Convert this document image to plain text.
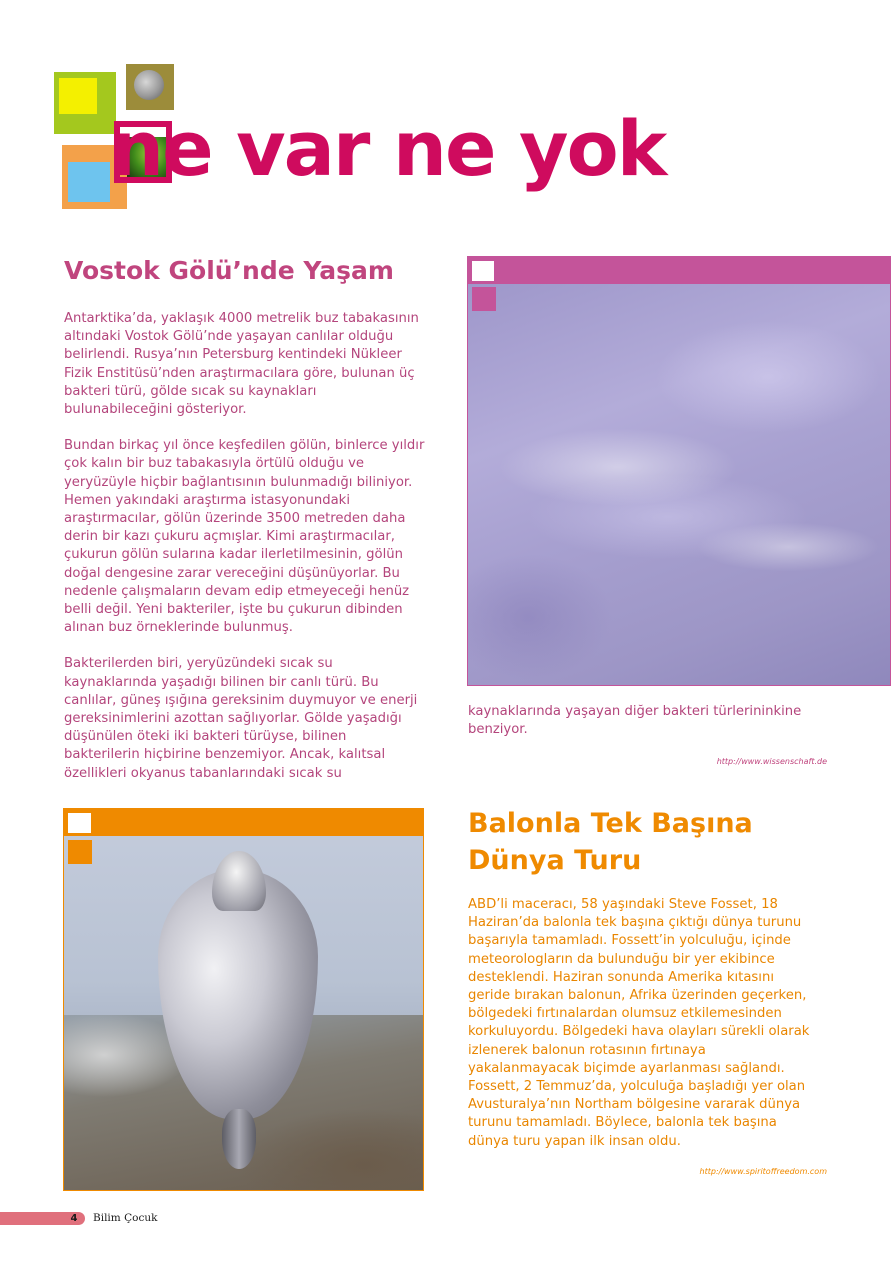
ne var ne yok
Vostok Gölü’nde Yaşam

Antarktika’da, yaklaşık 4000 metrelik buz tabakasının altındaki Vostok Gölü’nde yaşayan canlılar olduğu belirlendi. Rusya’nın Petersburg kentindeki Nükleer Fizik Enstitüsü’nden araştırmacılara göre, bulunan üç bakteri türü, gölde sıcak su kaynakları bulunabileceğini gösteriyor.

Bundan birkaç yıl önce keşfedilen gölün, binlerce yıldır çok kalın bir buz tabakasıyla örtülü olduğu ve yeryüzüyle hiçbir bağlantısının bulunmadığı biliniyor. Hemen yakındaki araştırma istasyonundaki araştırmacılar, gölün üzerinde 3500 metreden daha derin bir kazı çukuru açmışlar. Kimi araştırmacılar, çukurun gölün sularına kadar ilerletilmesinin, gölün doğal dengesine zarar vereceğini düşünüyorlar. Bu nedenle çalışmaların devam edip etmeyeceği henüz belli değil. Yeni bakteriler, işte bu çukurun dibinden alınan buz örneklerinde bulunmuş.

Bakterilerden biri, yeryüzündeki sıcak su kaynaklarında yaşadığı bilinen bir canlı türü. Bu canlılar, güneş ışığına gereksinim duymuyor ve enerji gereksinimlerini azottan sağlıyorlar. Gölde yaşadığı düşünülen öteki iki bakteri türüyse, bilinen bakterilerin hiçbirine benzemiyor. Ancak, kalıtsal özellikleri okyanus tabanlarındaki sıcak su

kaynaklarında yaşayan diğer bakteri türlerininkine benziyor.
http://www.wissenschaft.de
Balonla Tek Başına
Dünya Turu

ABD’li maceracı, 58 yaşındaki Steve Fosset, 18 Haziran’da balonla tek başına çıktığı dünya turunu başarıyla tamamladı. Fossett’in yolculuğu, içinde meteorologların da bulunduğu bir yer ekibince desteklendi. Haziran sonunda Amerika kıtasını geride bırakan balonun, Afrika üzerinden geçerken, bölgedeki fırtınalardan olumsuz etkilemesinden korkuluyordu. Bölgedeki hava olayları sürekli olarak izlenerek balonun rotasının fırtınaya yakalanmayacak biçimde ayarlanması sağlandı. Fossett, 2 Temmuz’da, yolculuğa başladığı yer olan Avusturalya’nın Northam bölgesine vararak dünya turunu tamamladı. Böylece, balonla tek başına dünya turu yapan ilk insan oldu.

http://www.spiritoffreedom.com
4	Bilim Çocuk
